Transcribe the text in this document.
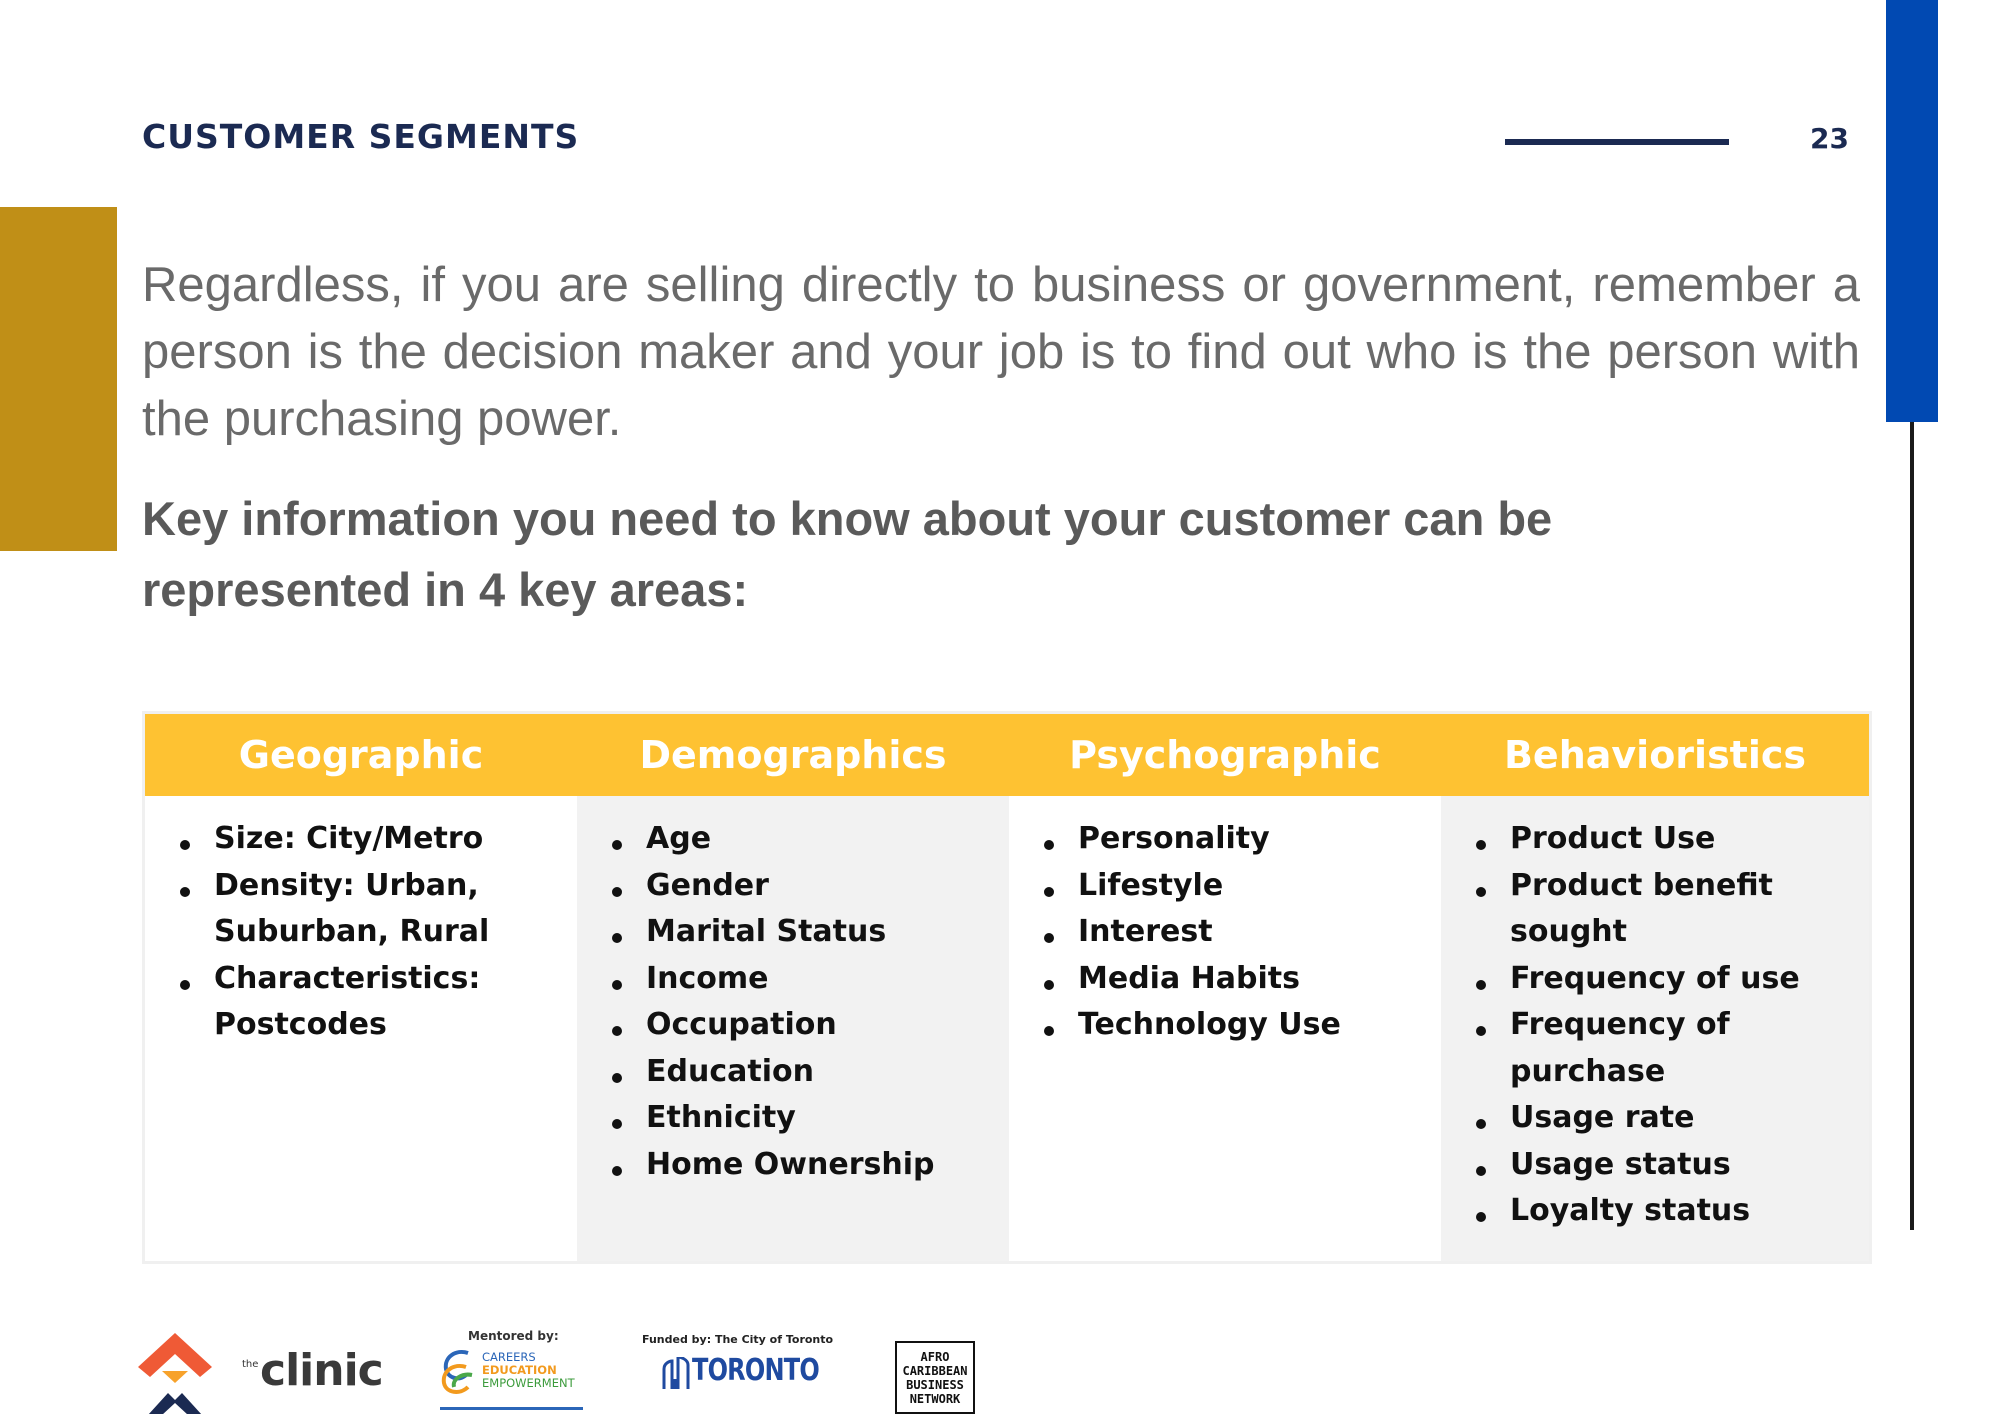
CUSTOMER SEGMENTS	23

Regardless, if you are selling directly to business or government, remember a person is the decision maker and your job is to find out who is the person with the purchasing power.

Key information you need to know about your customer can be
represented in 4 key areas:
Geographic
Size: City/Metro
Density: Urban, Suburban, Rural
Characteristics: Postcodes
Demographics
Age
Gender
Marital Status
Income
Occupation
Education
Ethnicity
Home Ownership
Psychographic
Personality
Lifestyle
Interest
Media Habits
Technology Use
Behavioristics
Product Use
Product benefit sought
Frequency of use
Frequency of purchase
Usage rate
Usage status
Loyalty status
the clinic
Mentored by:
CAREERS
EDUCATION
EMPOWERMENT
Funded by: The City of Toronto
TORONTO	AFRO
CARIBBEAN
BUSINESS
NETWORK
